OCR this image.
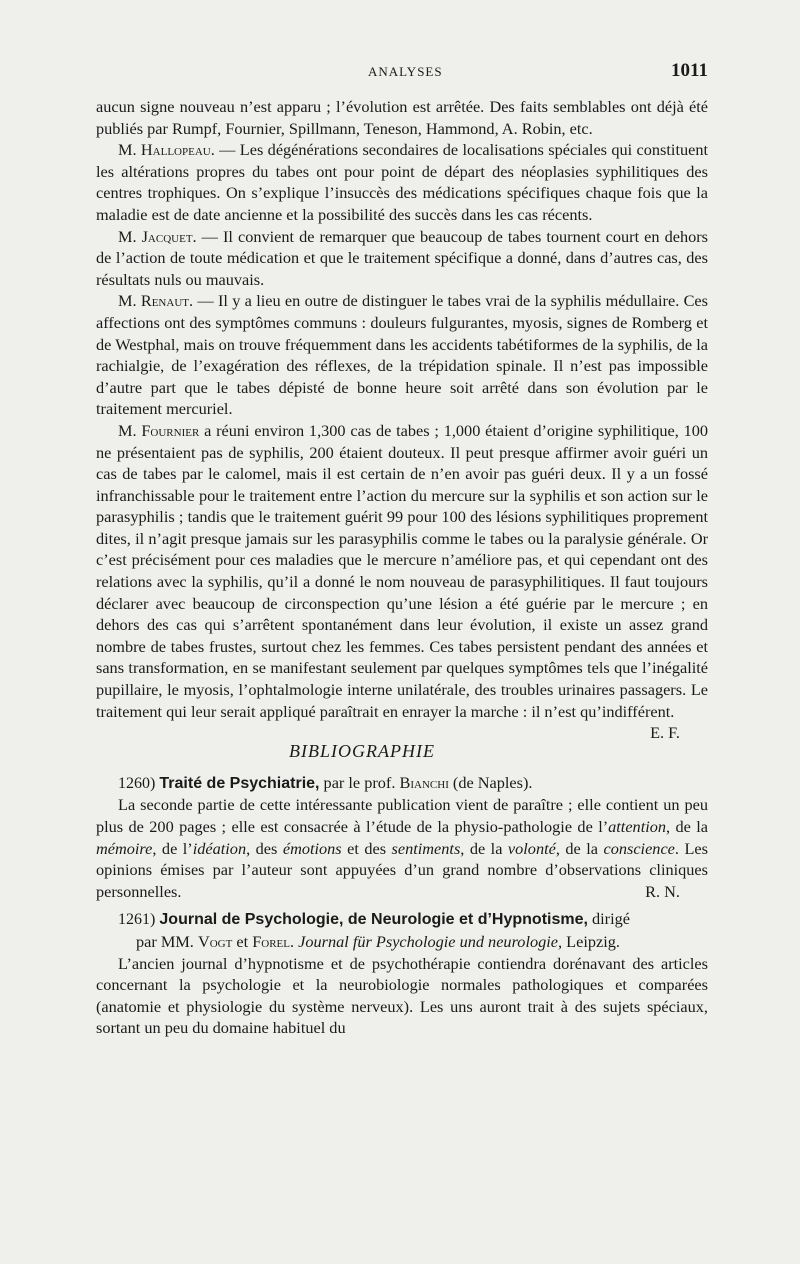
ANALYSES	1011

aucun signe nouveau n’est apparu ; l’évolution est arrêtée. Des faits semblables ont déjà été publiés par Rumpf, Fournier, Spillmann, Teneson, Hammond, A. Robin, etc.

M. Hallopeau. — Les dégénérations secondaires de localisations spéciales qui constituent les altérations propres du tabes ont pour point de départ des néoplasies syphilitiques des centres trophiques. On s’explique l’insuccès des médications spécifiques chaque fois que la maladie est de date ancienne et la possibilité des succès dans les cas récents.

M. Jacquet. — Il convient de remarquer que beaucoup de tabes tournent court en dehors de l’action de toute médication et que le traitement spécifique a donné, dans d’autres cas, des résultats nuls ou mauvais.

M. Renaut. — Il y a lieu en outre de distinguer le tabes vrai de la syphilis médullaire. Ces affections ont des symptômes communs : douleurs fulgurantes, myosis, signes de Romberg et de Westphal, mais on trouve fréquemment dans les accidents tabétiformes de la syphilis, de la rachialgie, de l’exagération des réflexes, de la trépidation spinale. Il n’est pas impossible d’autre part que le tabes dépisté de bonne heure soit arrêté dans son évolution par le traitement mercuriel.

M. Fournier a réuni environ 1,300 cas de tabes ; 1,000 étaient d’origine syphilitique, 100 ne présentaient pas de syphilis, 200 étaient douteux. Il peut presque affirmer avoir guéri un cas de tabes par le calomel, mais il est certain de n’en avoir pas guéri deux. Il y a un fossé infranchissable pour le traitement entre l’action du mercure sur la syphilis et son action sur le parasyphilis ; tandis que le traitement guérit 99 pour 100 des lésions syphilitiques proprement dites, il n’agit presque jamais sur les parasyphilis comme le tabes ou la paralysie générale. Or c’est précisément pour ces maladies que le mercure n’améliore pas, et qui cependant ont des relations avec la syphilis, qu’il a donné le nom nouveau de parasyphilitiques. Il faut toujours déclarer avec beaucoup de circonspection qu’une lésion a été guérie par le mercure ; en dehors des cas qui s’arrêtent spontanément dans leur évolution, il existe un assez grand nombre de tabes frustes, surtout chez les femmes. Ces tabes persistent pendant des années et sans transformation, en se manifestant seulement par quelques symptômes tels que l’inégalité pupillaire, le myosis, l’ophtalmologie interne unilatérale, des troubles urinaires passagers. Le traitement qui leur serait appliqué paraîtrait en enrayer la marche : il n’est qu’indifférent.
E. F.

BIBLIOGRAPHIE

1260) Traité de Psychiatrie, par le prof. Bianchi (de Naples).

La seconde partie de cette intéressante publication vient de paraître ; elle contient un peu plus de 200 pages ; elle est consacrée à l’étude de la physio-pathologie de l’attention, de la mémoire, de l’idéation, des émotions et des sentiments, de la volonté, de la conscience. Les opinions émises par l’auteur sont appuyées d’un grand nombre d’observations cliniques personnelles.	R. N.

1261) Journal de Psychologie, de Neurologie et d’Hypnotisme, dirigé
par MM. Vogt et Forel. Journal für Psychologie und neurologie, Leipzig.

L’ancien journal d’hypnotisme et de psychothérapie contiendra dorénavant des articles concernant la psychologie et la neurobiologie normales pathologiques et comparées (anatomie et physiologie du système nerveux). Les uns auront trait à des sujets spéciaux, sortant un peu du domaine habituel du
